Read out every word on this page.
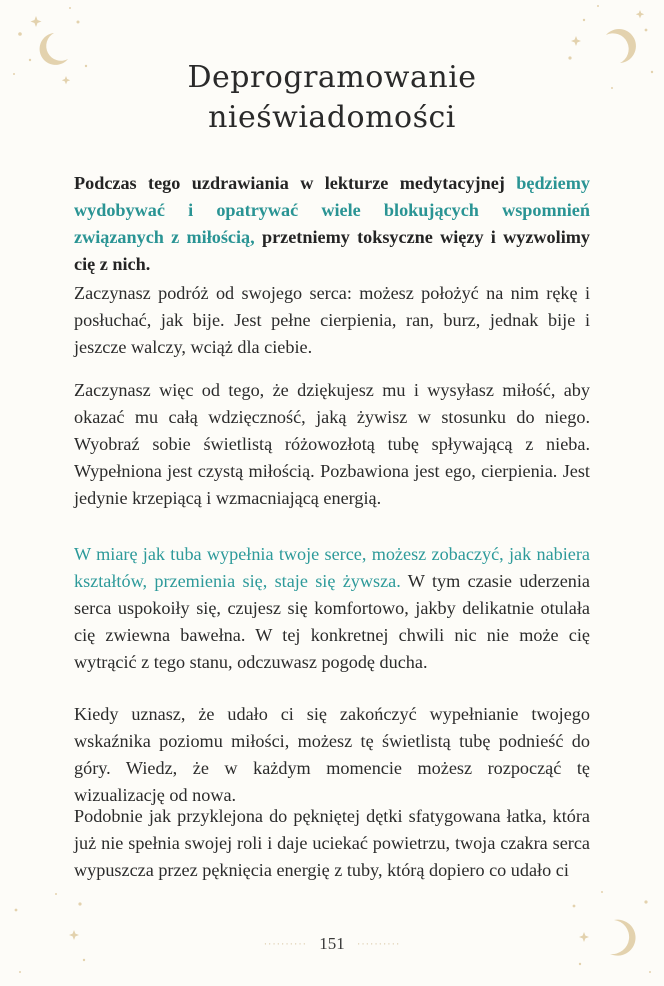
Deprogramowanie
nieświadomości

Podczas tego uzdrawiania w lekturze medytacyjnej będziemy wydobywać i opatrywać wiele blokujących wspomnień związanych z miłością, przetniemy toksyczne więzy i wyzwolimy cię z nich.

Zaczynasz podróż od swojego serca: możesz położyć na nim rękę i posłuchać, jak bije. Jest pełne cierpienia, ran, burz, jednak bije i jeszcze walczy, wciąż dla ciebie.

Zaczynasz więc od tego, że dziękujesz mu i wysyłasz miłość, aby okazać mu całą wdzięczność, jaką żywisz w stosunku do niego. Wyobraź sobie świetlistą różowozłotą tubę spływającą z nieba. Wypełniona jest czystą miłością. Pozbawiona jest ego, cierpienia. Jest jedynie krzepiącą i wzmacniającą energią.

W miarę jak tuba wypełnia twoje serce, możesz zobaczyć, jak nabiera kształtów, przemienia się, staje się żywsza. W tym czasie uderzenia serca uspokoiły się, czujesz się komfortowo, jakby delikatnie otulała cię zwiewna bawełna. W tej konkretnej chwili nic nie może cię wytrącić z tego stanu, odczuwasz pogodę ducha.

Kiedy uznasz, że udało ci się zakończyć wypełnianie twojego wskaźnika poziomu miłości, możesz tę świetlistą tubę podnieść do góry. Wiedz, że w każdym momencie możesz rozpocząć tę wizualizację od nowa.

Podobnie jak przyklejona do pękniętej dętki sfatygowana łatka, która już nie spełnia swojej roli i daje uciekać powietrzu, twoja czakra serca wypuszcza przez pęknięcia energię z tuby, którą dopiero co udało ci

·········· 151 ··········
